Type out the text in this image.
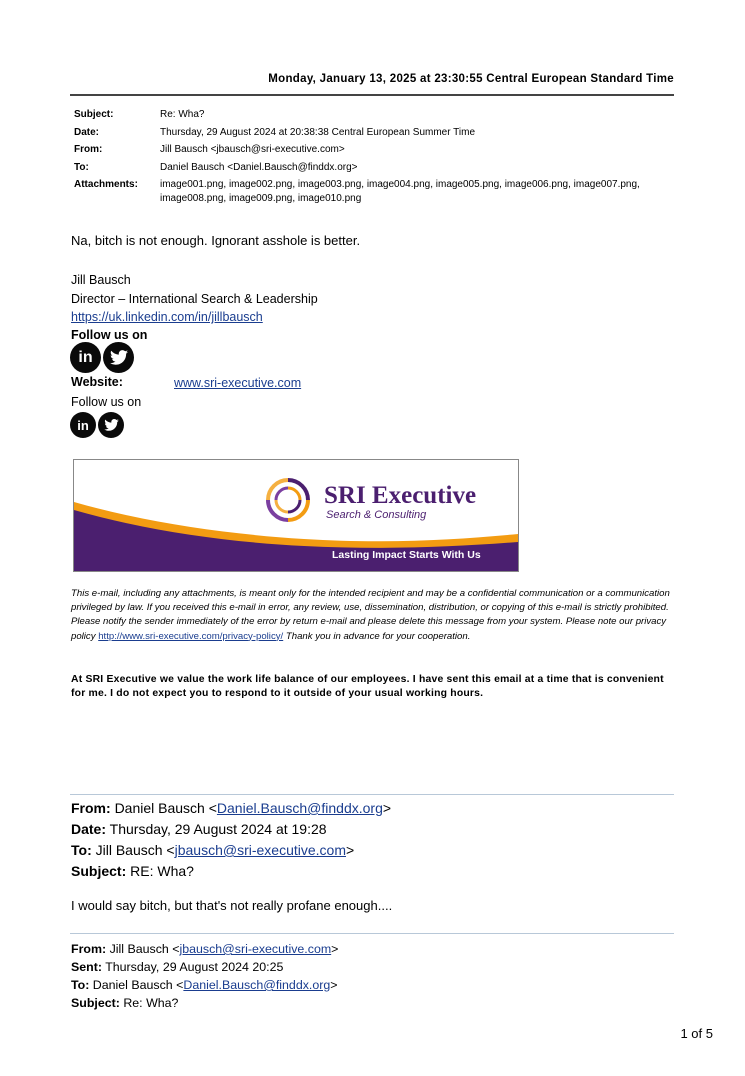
Monday, January 13, 2025 at 23:30:55 Central European Standard Time
Subject:	Re: Wha?
Date:	Thursday, 29 August 2024 at 20:38:38 Central European Summer Time
From:	Jill Bausch <jbausch@sri-executive.com>
To:	Daniel Bausch <Daniel.Bausch@finddx.org>
Attachments:	image001.png, image002.png, image003.png, image004.png, image005.png, image006.png, image007.png, image008.png, image009.png, image010.png
Na, bitch is not enough. Ignorant asshole is better.
Jill Bausch
Director – International Search & Leadership
https://uk.linkedin.com/in/jillbausch
Follow us on
in
Website:	www.sri-executive.com
Follow us on
in
SRI Executive
Search & Consulting
Lasting Impact Starts With Us
This e-mail, including any attachments, is meant only for the intended recipient and may be a confidential communication or a communication privileged by law. If you received this e-mail in error, any review, use, dissemination, distribution, or copying of this e-mail is strictly prohibited. Please notify the sender immediately of the error by return e-mail and please delete this message from your system. Please note our privacy policy http://www.sri-executive.com/privacy-policy/ Thank you in advance for your cooperation.
At SRI Executive we value the work life balance of our employees. I have sent this email at a time that is convenient for me. I do not expect you to respond to it outside of your usual working hours.
From: Daniel Bausch <Daniel.Bausch@finddx.org>
Date: Thursday, 29 August 2024 at 19:28
To: Jill Bausch <jbausch@sri-executive.com>
Subject: RE: Wha?
I would say bitch, but that's not really profane enough....
From: Jill Bausch <jbausch@sri-executive.com>
Sent: Thursday, 29 August 2024 20:25
To: Daniel Bausch <Daniel.Bausch@finddx.org>
Subject: Re: Wha?
1 of 5
